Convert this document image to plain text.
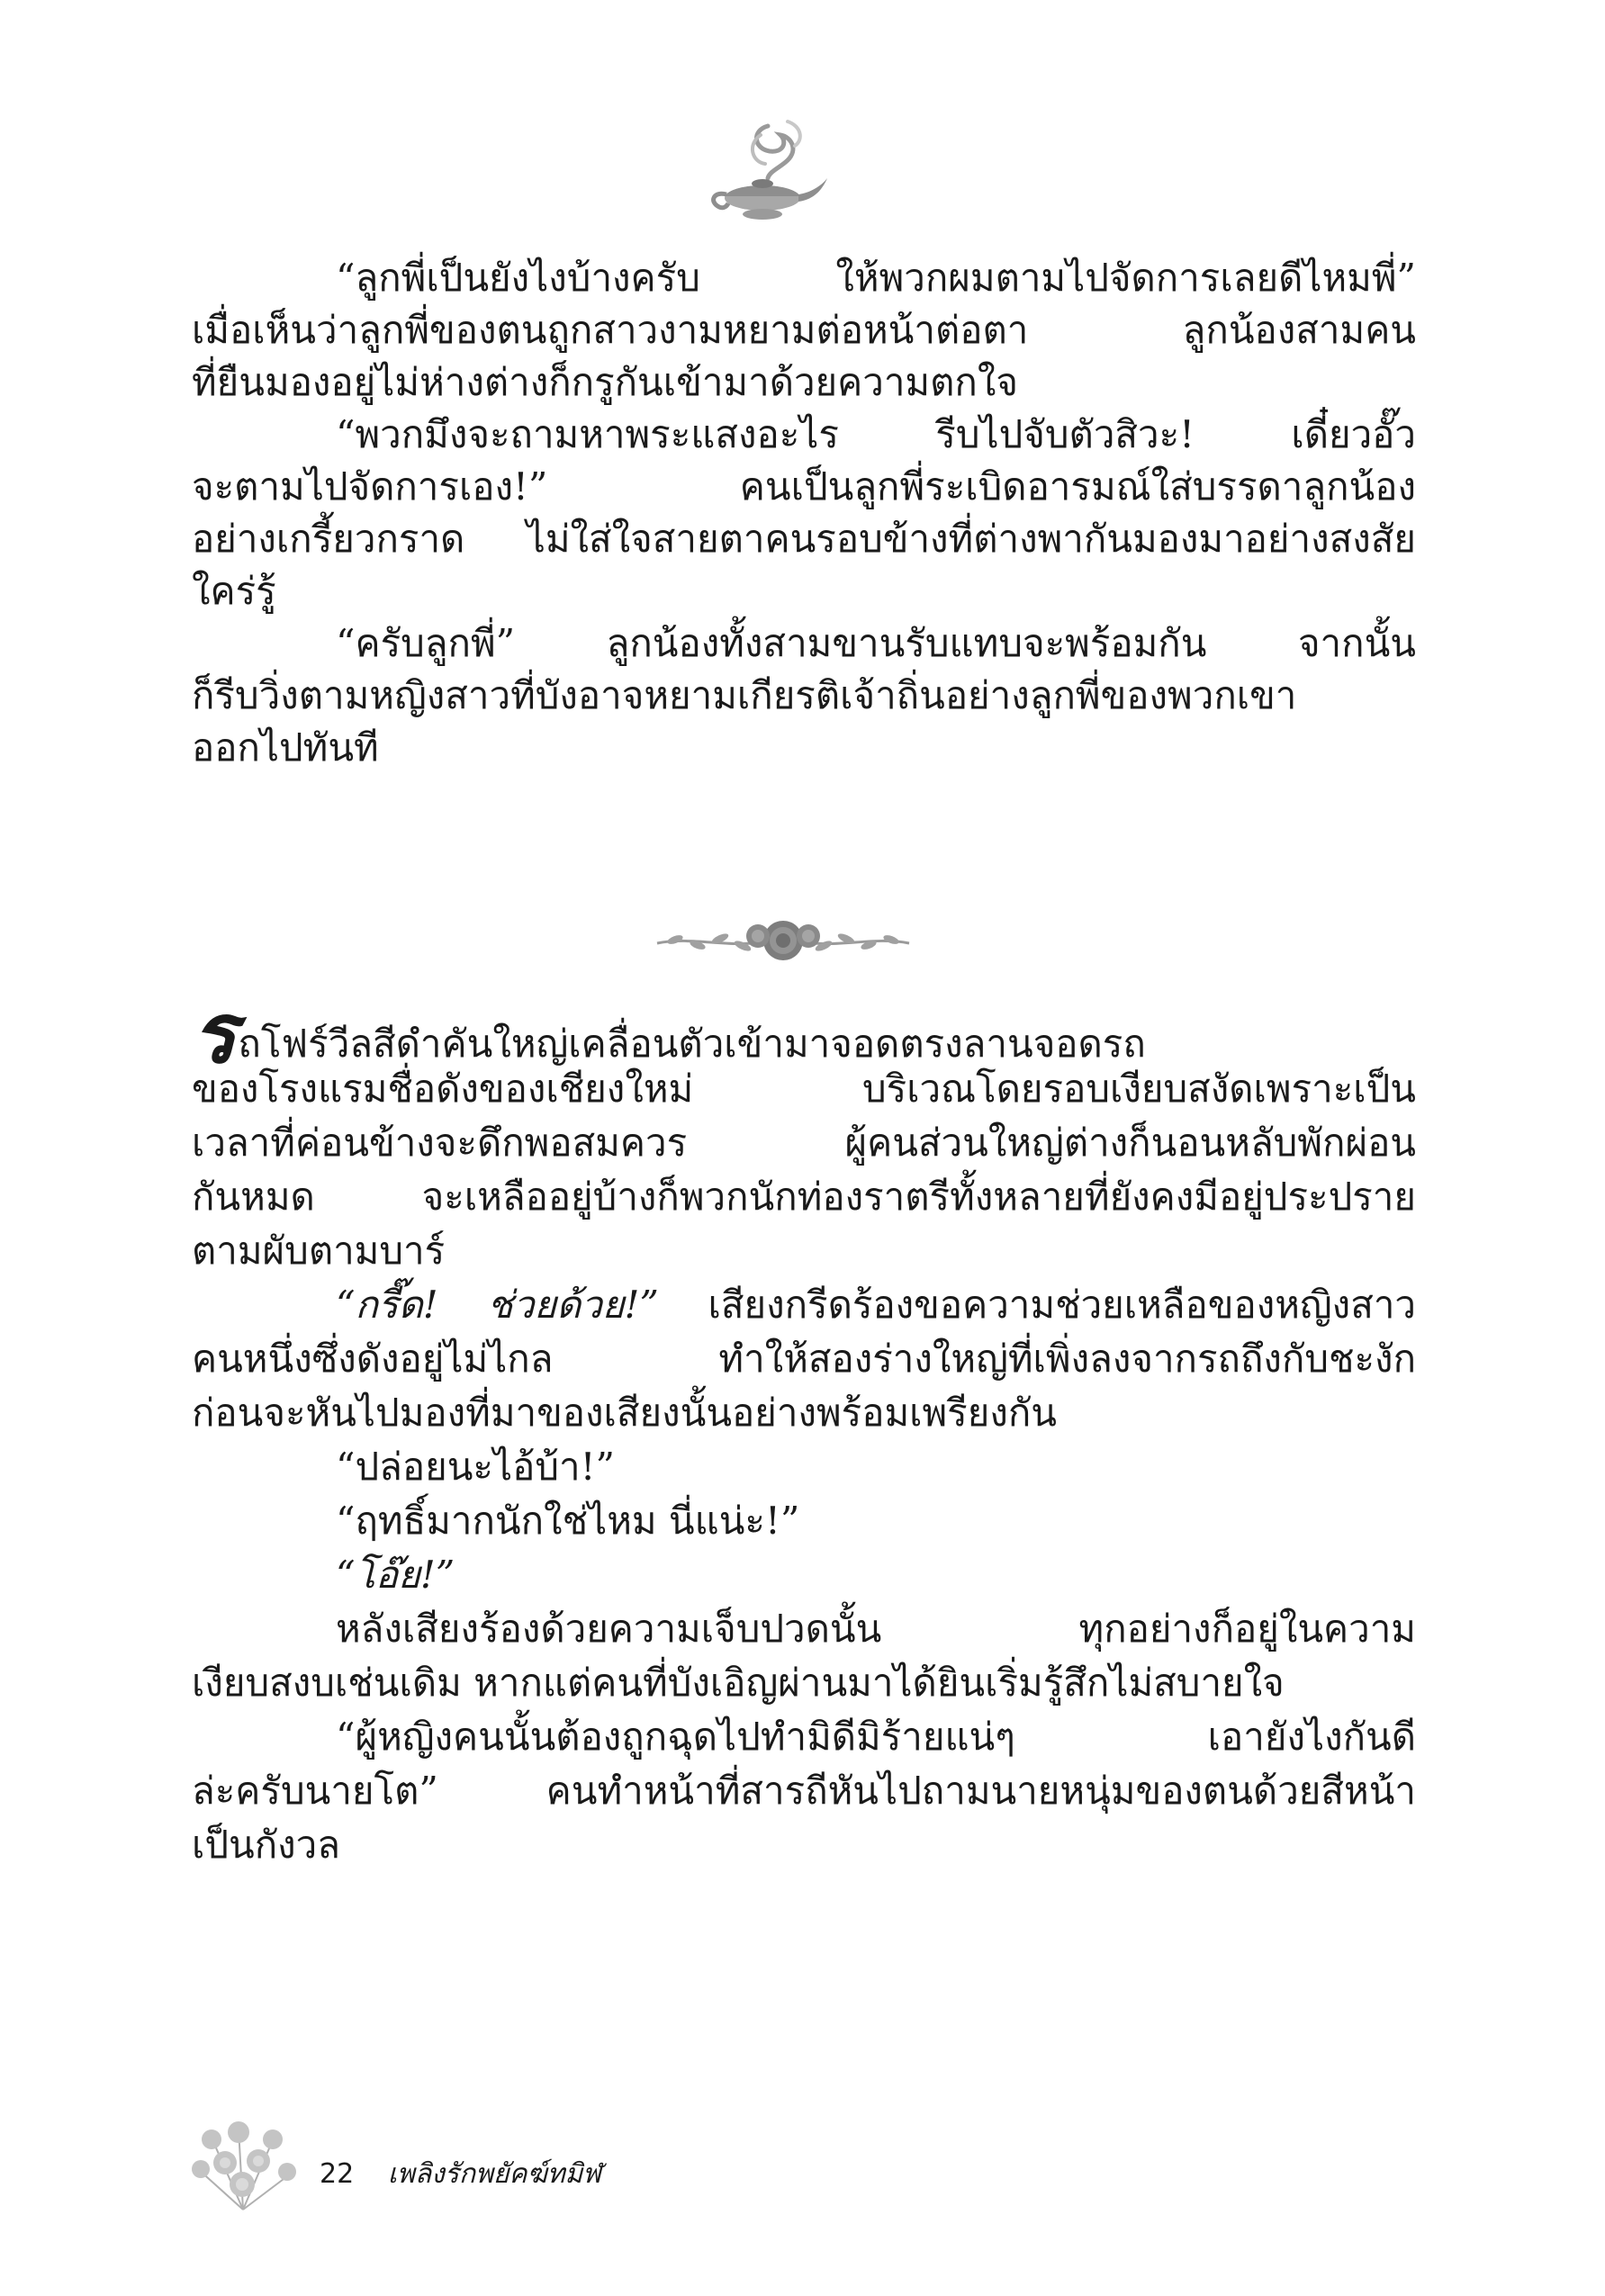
“ลูกพี่เป็นยังไงบ้างครับ ให้พวกผมตามไปจัดการเลยดีไหมพี่”
เมื่อเห็นว่าลูกพี่ของตนถูกสาวงามหยามต่อหน้าต่อตา ลูกน้องสามคน
ที่ยืนมองอยู่ไม่ห่างต่างก็กรูกันเข้ามาด้วยความตกใจ
“พวกมึงจะถามหาพระแสงอะไร รีบไปจับตัวสิวะ! เดี๋ยวอั๊ว
จะตามไปจัดการเอง!” คนเป็นลูกพี่ระเบิดอารมณ์ใส่บรรดาลูกน้อง
อย่างเกรี้ยวกราด ไม่ใส่ใจสายตาคนรอบข้างที่ต่างพากันมองมาอย่างสงสัย
ใคร่รู้
“ครับลูกพี่” ลูกน้องทั้งสามขานรับแทบจะพร้อมกัน จากนั้น
ก็รีบวิ่งตามหญิงสาวที่บังอาจหยามเกียรติเจ้าถิ่นอย่างลูกพี่ของพวกเขา
ออกไปทันที
รถโฟร์วีลสีดำคันใหญ่เคลื่อนตัวเข้ามาจอดตรงลานจอดรถ
ของโรงแรมชื่อดังของเชียงใหม่ บริเวณโดยรอบเงียบสงัดเพราะเป็น
เวลาที่ค่อนข้างจะดึกพอสมควร ผู้คนส่วนใหญ่ต่างก็นอนหลับพักผ่อน
กันหมด จะเหลืออยู่บ้างก็พวกนักท่องราตรีทั้งหลายที่ยังคงมีอยู่ประปราย
ตามผับตามบาร์
“กรี๊ด! ช่วยด้วย!” เสียงกรีดร้องขอความช่วยเหลือของหญิงสาว
คนหนึ่งซึ่งดังอยู่ไม่ไกล ทำให้สองร่างใหญ่ที่เพิ่งลงจากรถถึงกับชะงัก
ก่อนจะหันไปมองที่มาของเสียงนั้นอย่างพร้อมเพรียงกัน
“ปล่อยนะไอ้บ้า!”
“ฤทธิ์มากนักใช่ไหม นี่แน่ะ!”
“โอ๊ย!”
หลังเสียงร้องด้วยความเจ็บปวดนั้น ทุกอย่างก็อยู่ในความ
เงียบสงบเช่นเดิม หากแต่คนที่บังเอิญผ่านมาได้ยินเริ่มรู้สึกไม่สบายใจ
“ผู้หญิงคนนั้นต้องถูกฉุดไปทำมิดีมิร้ายแน่ๆ เอายังไงกันดี
ล่ะครับนายโต” คนทำหน้าที่สารถีหันไปถามนายหนุ่มของตนด้วยสีหน้า
เป็นกังวล
22 เพลิงรักพยัคฆ์ทมิฬ
